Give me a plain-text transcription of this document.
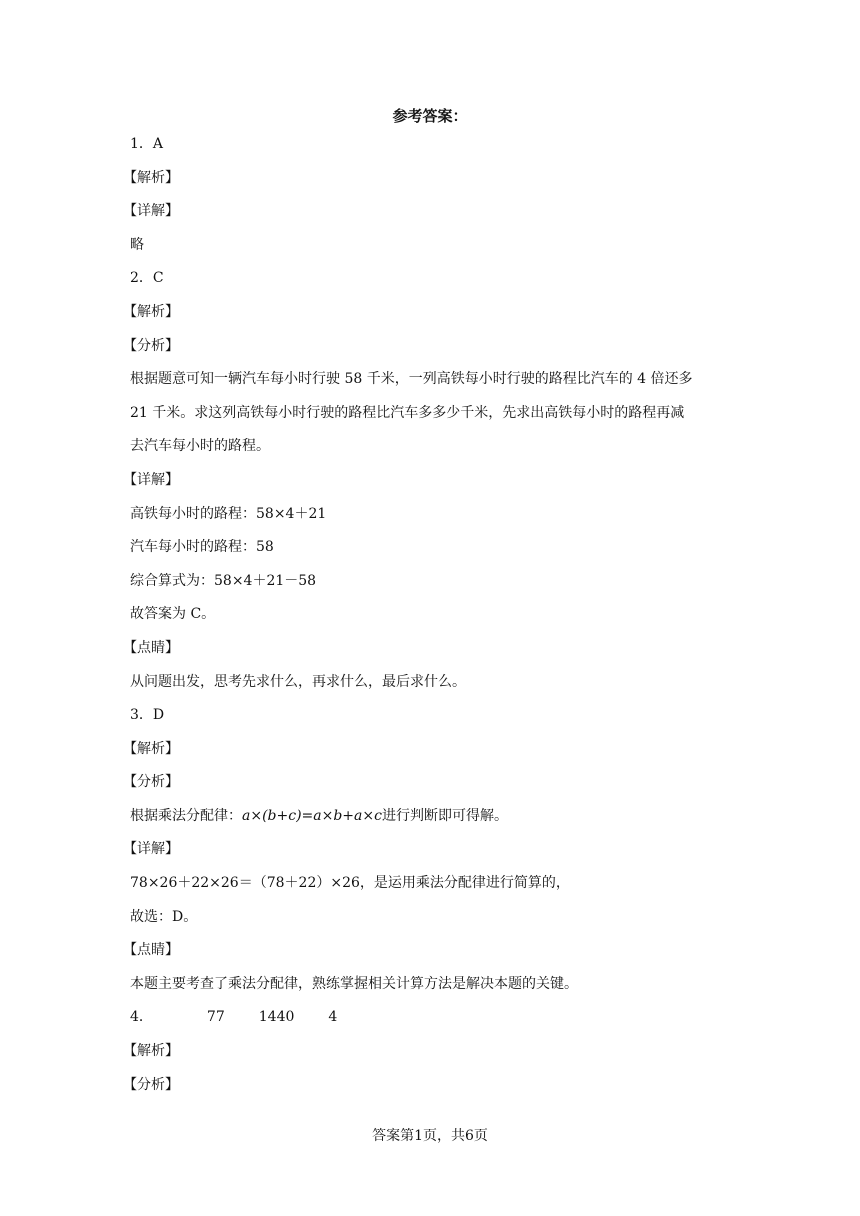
参考答案：
1．A
【解析】
【详解】
略
2．C
【解析】
【分析】
根据题意可知一辆汽车每小时行驶 58 千米，一列高铁每小时行驶的路程比汽车的 4 倍还多
21 千米。求这列高铁每小时行驶的路程比汽车多多少千米，先求出高铁每小时的路程再减
去汽车每小时的路程。
【详解】
高铁每小时的路程：58×4＋21
汽车每小时的路程：58
综合算式为：58×4＋21－58
故答案为 C。
【点睛】
从问题出发，思考先求什么，再求什么，最后求什么。
3．D
【解析】
【分析】
根据乘法分配律：a×(b+c)=a×b+a×c进行判断即可得解。
【详解】
78×26＋22×26＝（78＋22）×26，是运用乘法分配律进行简算的，
故选：D。
【点睛】
本题主要考查了乘法分配律，熟练掌握相关计算方法是解决本题的关键。
4．	77 1440 4
【解析】
【分析】
答案第1页，共6页
